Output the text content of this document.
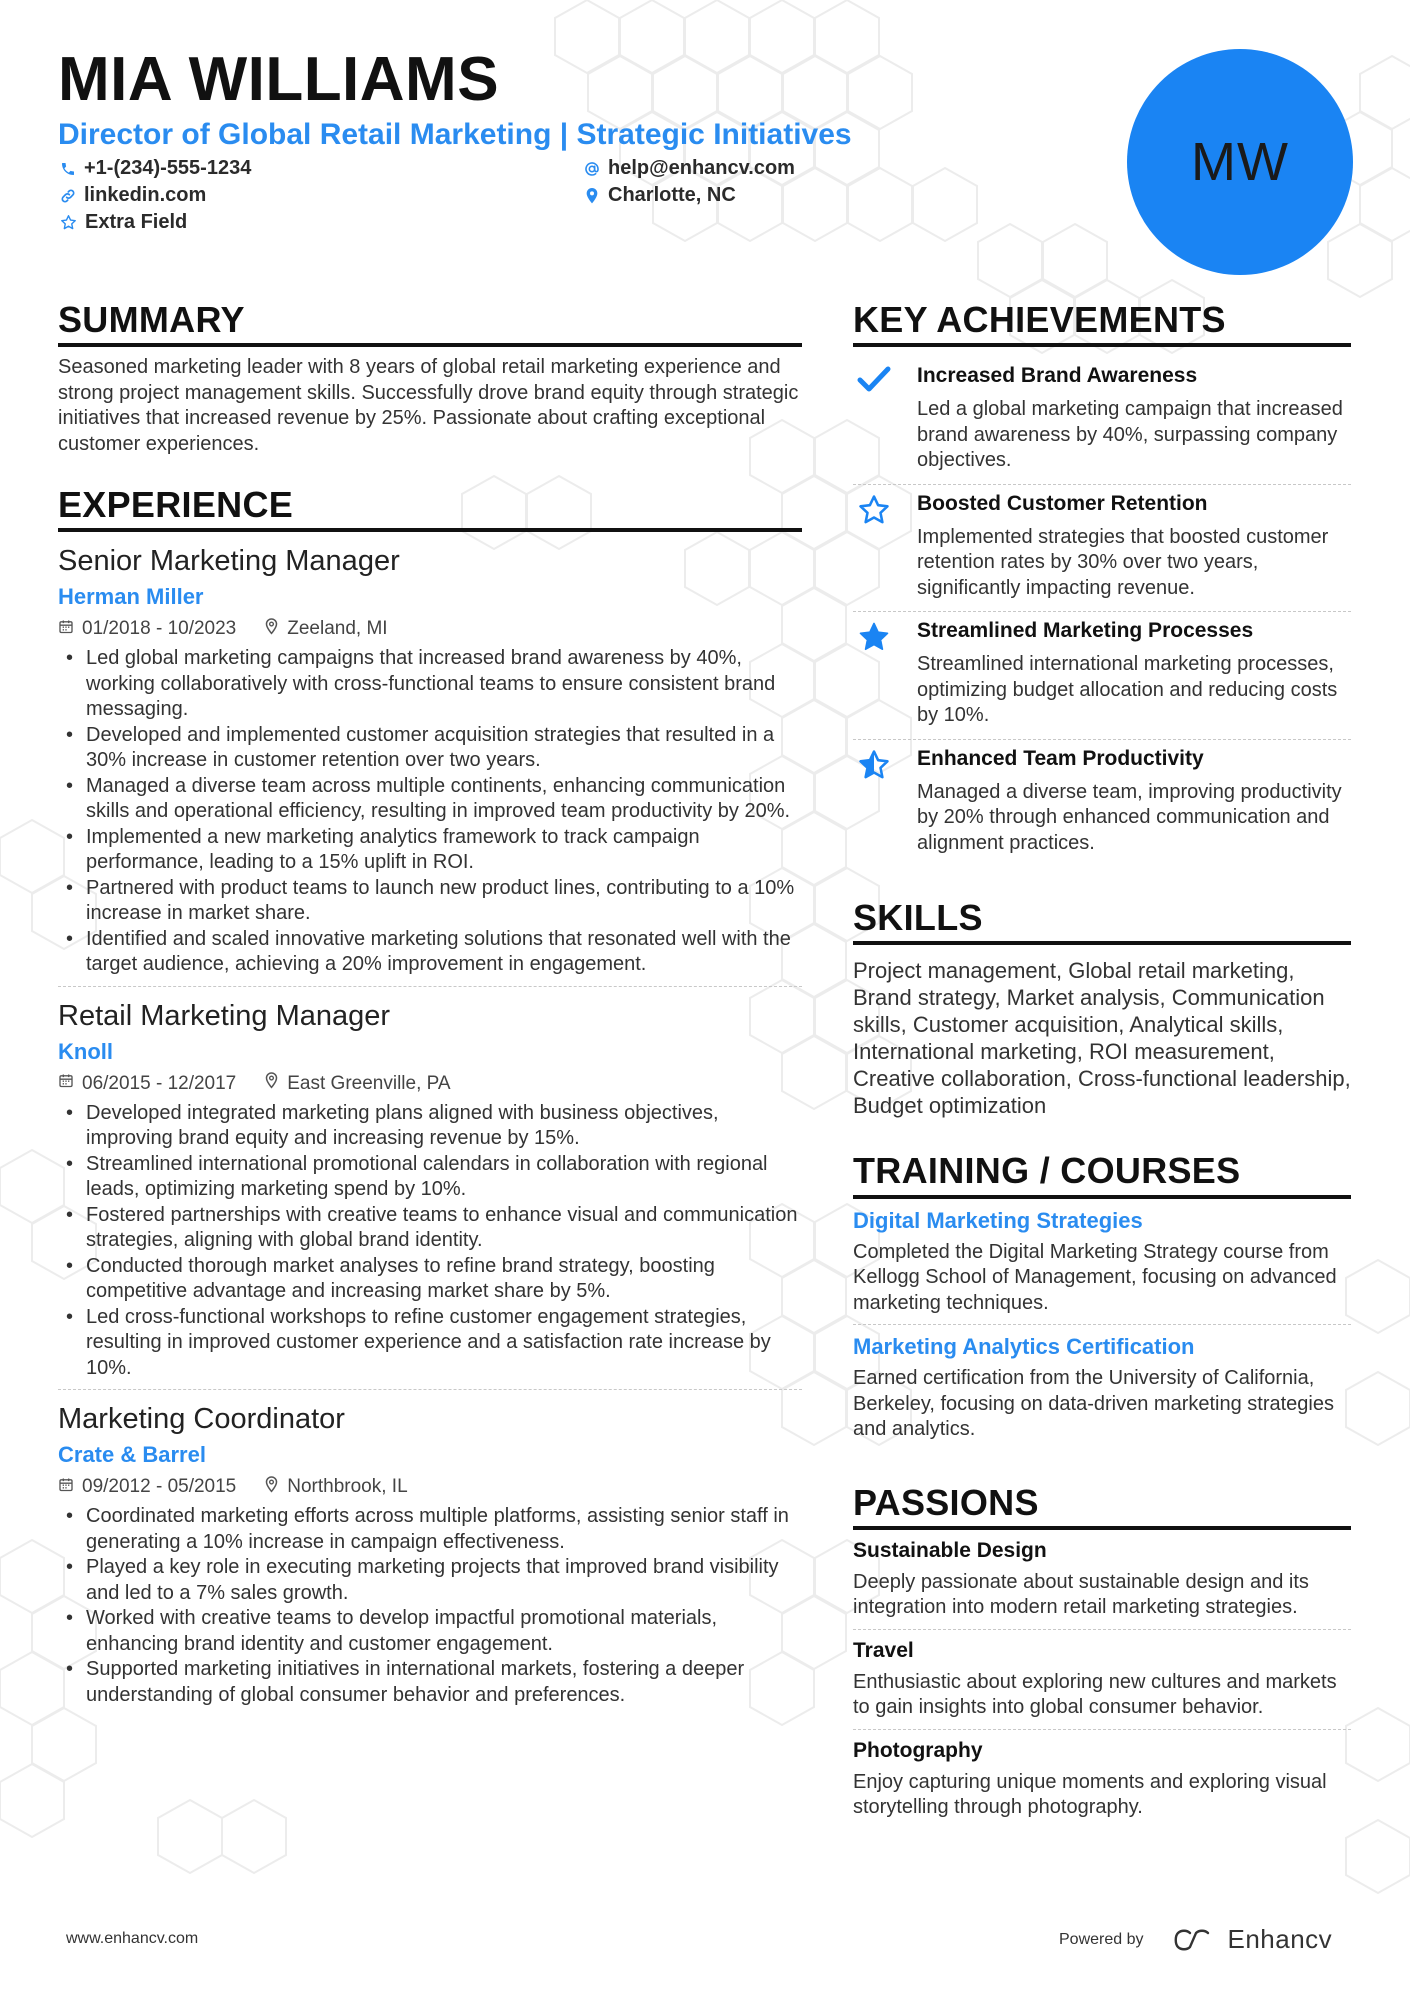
MIA WILLIAMS
Director of Global Retail Marketing | Strategic Initiatives
+1-(234)-555-1234	help@enhancv.com
linkedin.com	Charlotte, NC
Extra Field
MW
SUMMARY

Seasoned marketing leader with 8 years of global retail marketing experience and strong project management skills. Successfully drove brand equity through strategic initiatives that increased revenue by 25%. Passionate about crafting exceptional customer experiences.

EXPERIENCE
Senior Marketing Manager
Herman Miller
01/2018 - 10/2023	Zeeland, MI
• Led global marketing campaigns that increased brand awareness by 40%, working collaboratively with cross-functional teams to ensure consistent brand messaging.
• Developed and implemented customer acquisition strategies that resulted in a 30% increase in customer retention over two years.
• Managed a diverse team across multiple continents, enhancing communication skills and operational efficiency, resulting in improved team productivity by 20%.
• Implemented a new marketing analytics framework to track campaign performance, leading to a 15% uplift in ROI.
• Partnered with product teams to launch new product lines, contributing to a 10% increase in market share.
• Identified and scaled innovative marketing solutions that resonated well with the target audience, achieving a 20% improvement in engagement.
Retail Marketing Manager
Knoll
06/2015 - 12/2017	East Greenville, PA
• Developed integrated marketing plans aligned with business objectives, improving brand equity and increasing revenue by 15%.
• Streamlined international promotional calendars in collaboration with regional leads, optimizing marketing spend by 10%.
• Fostered partnerships with creative teams to enhance visual and communication strategies, aligning with global brand identity.
• Conducted thorough market analyses to refine brand strategy, boosting competitive advantage and increasing market share by 5%.
• Led cross-functional workshops to refine customer engagement strategies, resulting in improved customer experience and a satisfaction rate increase by 10%.
Marketing Coordinator
Crate & Barrel
09/2012 - 05/2015	Northbrook, IL
• Coordinated marketing efforts across multiple platforms, assisting senior staff in generating a 10% increase in campaign effectiveness.
• Played a key role in executing marketing projects that improved brand visibility and led to a 7% sales growth.
• Worked with creative teams to develop impactful promotional materials, enhancing brand identity and customer engagement.
• Supported marketing initiatives in international markets, fostering a deeper understanding of global consumer behavior and preferences.
KEY ACHIEVEMENTS
Increased Brand Awareness
Led a global marketing campaign that increased brand awareness by 40%, surpassing company objectives.
Boosted Customer Retention
Implemented strategies that boosted customer retention rates by 30% over two years, significantly impacting revenue.
Streamlined Marketing Processes
Streamlined international marketing processes, optimizing budget allocation and reducing costs by 10%.
Enhanced Team Productivity
Managed a diverse team, improving productivity by 20% through enhanced communication and alignment practices.
SKILLS
Project management, Global retail marketing, Brand strategy, Market analysis, Communication skills, Customer acquisition, Analytical skills, International marketing, ROI measurement, Creative collaboration, Cross-functional leadership, Budget optimization
TRAINING / COURSES
Digital Marketing Strategies
Completed the Digital Marketing Strategy course from Kellogg School of Management, focusing on advanced marketing techniques.
Marketing Analytics Certification
Earned certification from the University of California, Berkeley, focusing on data-driven marketing strategies and analytics.
PASSIONS
Sustainable Design
Deeply passionate about sustainable design and its integration into modern retail marketing strategies.
Travel
Enthusiastic about exploring new cultures and markets to gain insights into global consumer behavior.
Photography
Enjoy capturing unique moments and exploring visual storytelling through photography.
www.enhancv.com	Powered by	Enhancv
